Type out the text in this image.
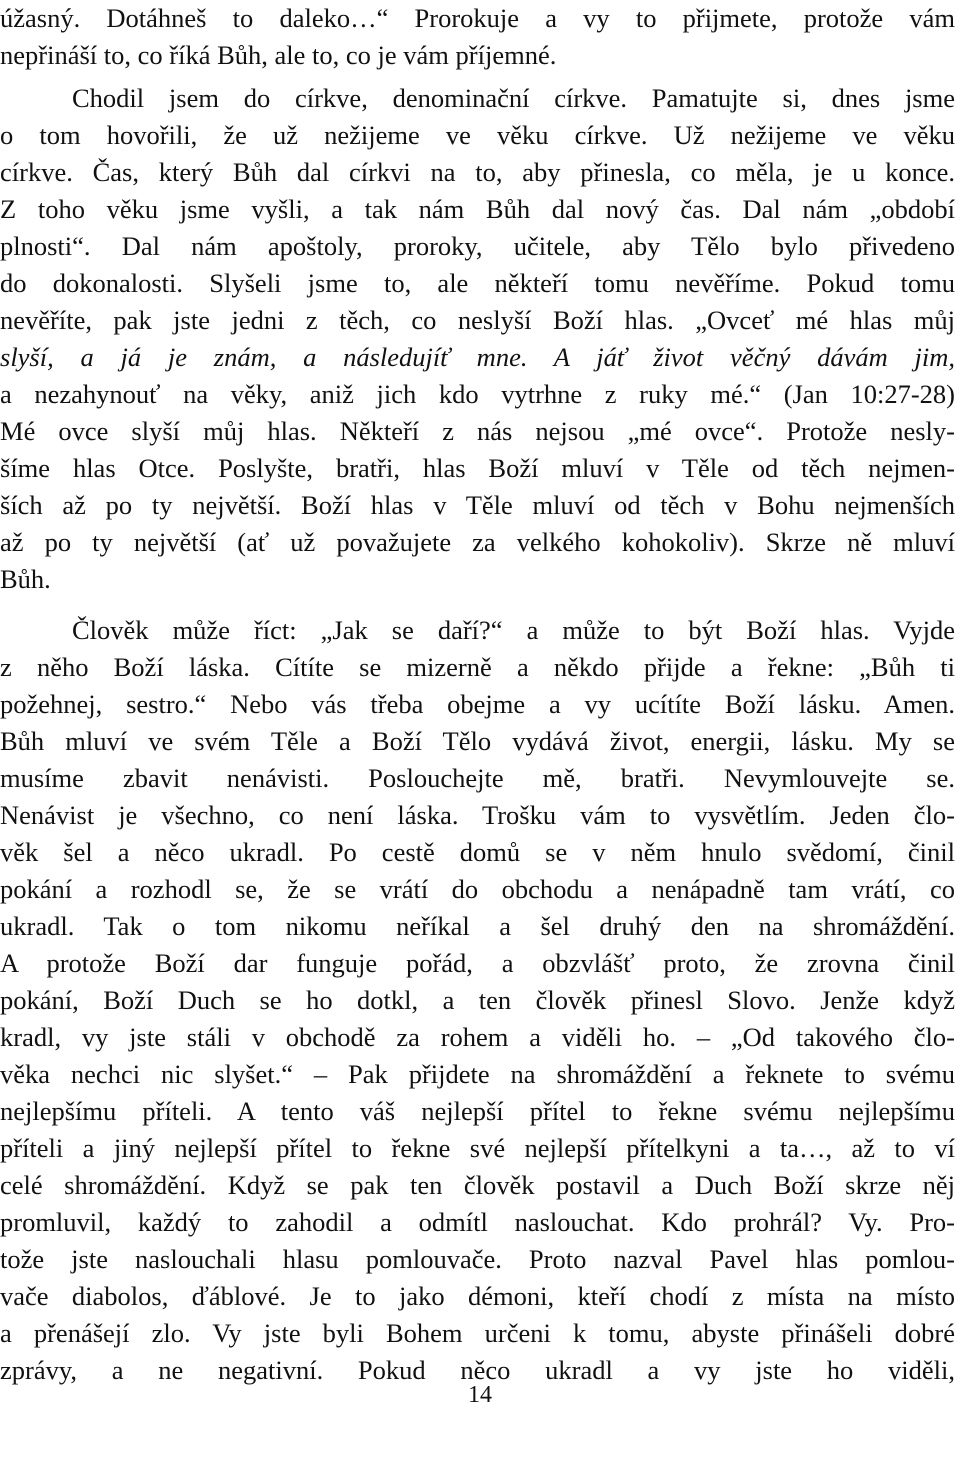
úžasný. Dotáhneš to daleko…“ Prorokuje a vy to přijmete, protože vám
nepřináší to, co říká Bůh, ale to, co je vám příjemné.
Chodil jsem do církve, denominační církve. Pamatujte si, dnes jsme
o tom hovořili, že už nežijeme ve věku církve. Už nežijeme ve věku
církve. Čas, který Bůh dal církvi na to, aby přinesla, co měla, je u konce.
Z toho věku jsme vyšli, a tak nám Bůh dal nový čas. Dal nám „období
plnosti“. Dal nám apoštoly, proroky, učitele, aby Tělo bylo přivedeno
do dokonalosti. Slyšeli jsme to, ale někteří tomu nevěříme. Pokud tomu
nevěříte, pak jste jedni z těch, co neslyší Boží hlas. „Ovceť mé hlas můj
slyší, a já je znám, a následujíť mne. A jáť život věčný dávám jim,
a nezahynouť na věky, aniž jich kdo vytrhne z ruky mé.“ (Jan 10:27-28)
Mé ovce slyší můj hlas. Někteří z nás nejsou „mé ovce“. Protože nesly-
šíme hlas Otce. Poslyšte, bratři, hlas Boží mluví v Těle od těch nejmen-
ších až po ty největší. Boží hlas v Těle mluví od těch v Bohu nejmenších
až po ty největší (ať už považujete za velkého kohokoliv). Skrze ně mluví
Bůh.
Člověk může říct: „Jak se daří?“ a může to být Boží hlas. Vyjde
z něho Boží láska. Cítíte se mizerně a někdo přijde a řekne: „Bůh ti
požehnej, sestro.“ Nebo vás třeba obejme a vy ucítíte Boží lásku. Amen.
Bůh mluví ve svém Těle a Boží Tělo vydává život, energii, lásku. My se
musíme zbavit nenávisti. Poslouchejte mě, bratři. Nevymlouvejte se.
Nenávist je všechno, co není láska. Trošku vám to vysvětlím. Jeden člo-
věk šel a něco ukradl. Po cestě domů se v něm hnulo svědomí, činil
pokání a rozhodl se, že se vrátí do obchodu a nenápadně tam vrátí, co
ukradl. Tak o tom nikomu neříkal a šel druhý den na shromáždění.
A protože Boží dar funguje pořád, a obzvlášť proto, že zrovna činil
pokání, Boží Duch se ho dotkl, a ten člověk přinesl Slovo. Jenže když
kradl, vy jste stáli v obchodě za rohem a viděli ho. – „Od takového člo-
věka nechci nic slyšet.“ – Pak přijdete na shromáždění a řeknete to svému
nejlepšímu příteli. A tento váš nejlepší přítel to řekne svému nejlepšímu
příteli a jiný nejlepší přítel to řekne své nejlepší přítelkyni a ta…, až to ví
celé shromáždění. Když se pak ten člověk postavil a Duch Boží skrze něj
promluvil, každý to zahodil a odmítl naslouchat. Kdo prohrál? Vy. Pro-
tože jste naslouchali hlasu pomlouvače. Proto nazval Pavel hlas pomlou-
vače diabolos, ďáblové. Je to jako démoni, kteří chodí z místa na místo
a přenášejí zlo. Vy jste byli Bohem určeni k tomu, abyste přinášeli dobré
zprávy, a ne negativní. Pokud něco ukradl a vy jste ho viděli,
14
